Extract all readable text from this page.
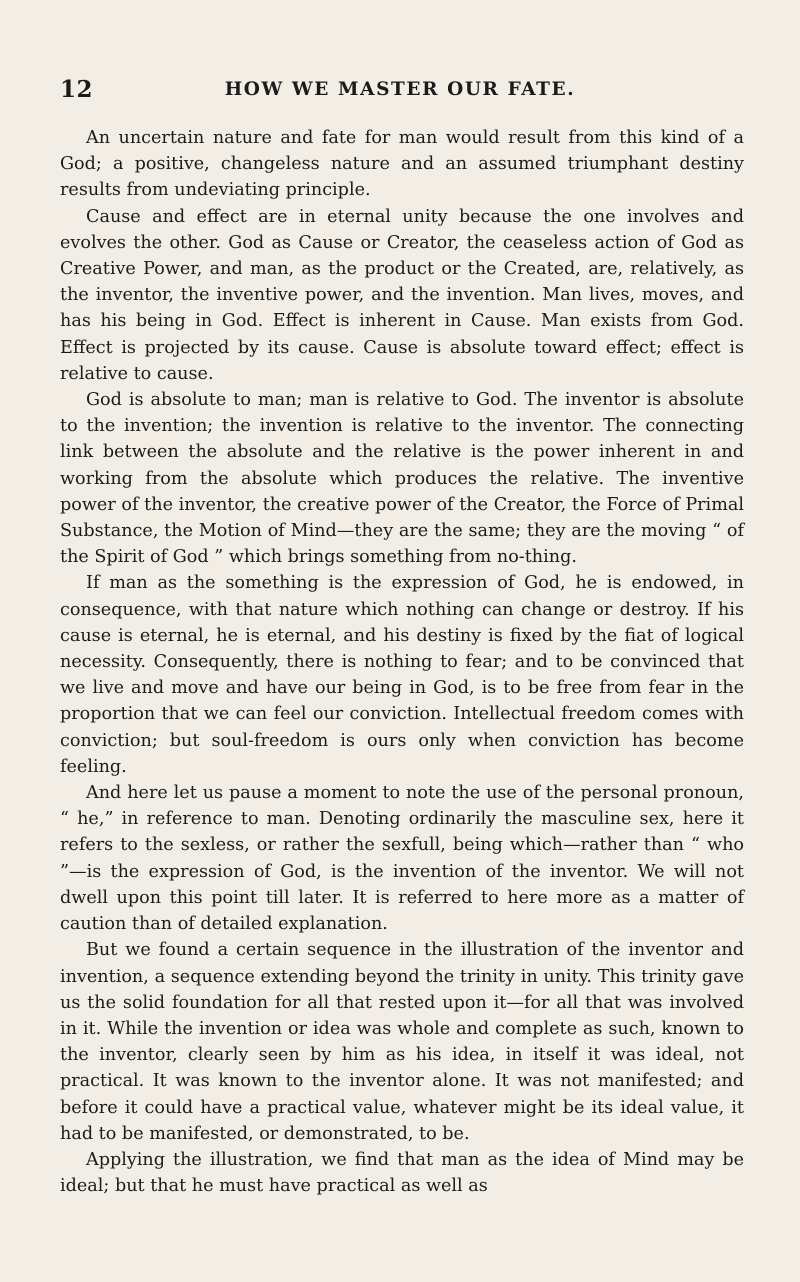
12	HOW WE MASTER OUR FATE.

An uncertain nature and fate for man would result from this kind of a God; a positive, changeless nature and an assumed triumphant destiny results from undeviating principle.

Cause and effect are in eternal unity because the one involves and evolves the other. God as Cause or Creator, the ceaseless action of God as Creative Power, and man, as the product or the Created, are, relatively, as the inventor, the inventive power, and the invention. Man lives, moves, and has his being in God. Effect is inherent in Cause. Man exists from God. Effect is projected by its cause. Cause is absolute toward effect; effect is relative to cause.

God is absolute to man; man is relative to God. The inventor is absolute to the invention; the invention is relative to the inventor. The connecting link between the absolute and the relative is the power inherent in and working from the absolute which produces the relative. The inventive power of the inventor, the creative power of the Creator, the Force of Primal Substance, the Motion of Mind—they are the same; they are the moving “ of the Spirit of God ” which brings something from no-thing.

If man as the something is the expression of God, he is endowed, in consequence, with that nature which nothing can change or destroy. If his cause is eternal, he is eternal, and his destiny is fixed by the fiat of logical necessity. Consequently, there is nothing to fear; and to be convinced that we live and move and have our being in God, is to be free from fear in the proportion that we can feel our conviction. Intellectual freedom comes with conviction; but soul-freedom is ours only when conviction has become feeling.

And here let us pause a moment to note the use of the personal pronoun, “ he,” in reference to man. Denoting ordinarily the masculine sex, here it refers to the sexless, or rather the sexfull, being which—rather than “ who ”—is the expression of God, is the invention of the inventor. We will not dwell upon this point till later. It is referred to here more as a matter of caution than of detailed explanation.

But we found a certain sequence in the illustration of the inventor and invention, a sequence extending beyond the trinity in unity. This trinity gave us the solid foundation for all that rested upon it—for all that was involved in it. While the invention or idea was whole and complete as such, known to the inventor, clearly seen by him as his idea, in itself it was ideal, not practical. It was known to the inventor alone. It was not manifested; and before it could have a practical value, whatever might be its ideal value, it had to be manifested, or demonstrated, to be.

Applying the illustration, we find that man as the idea of Mind may be ideal; but that he must have practical as well as
